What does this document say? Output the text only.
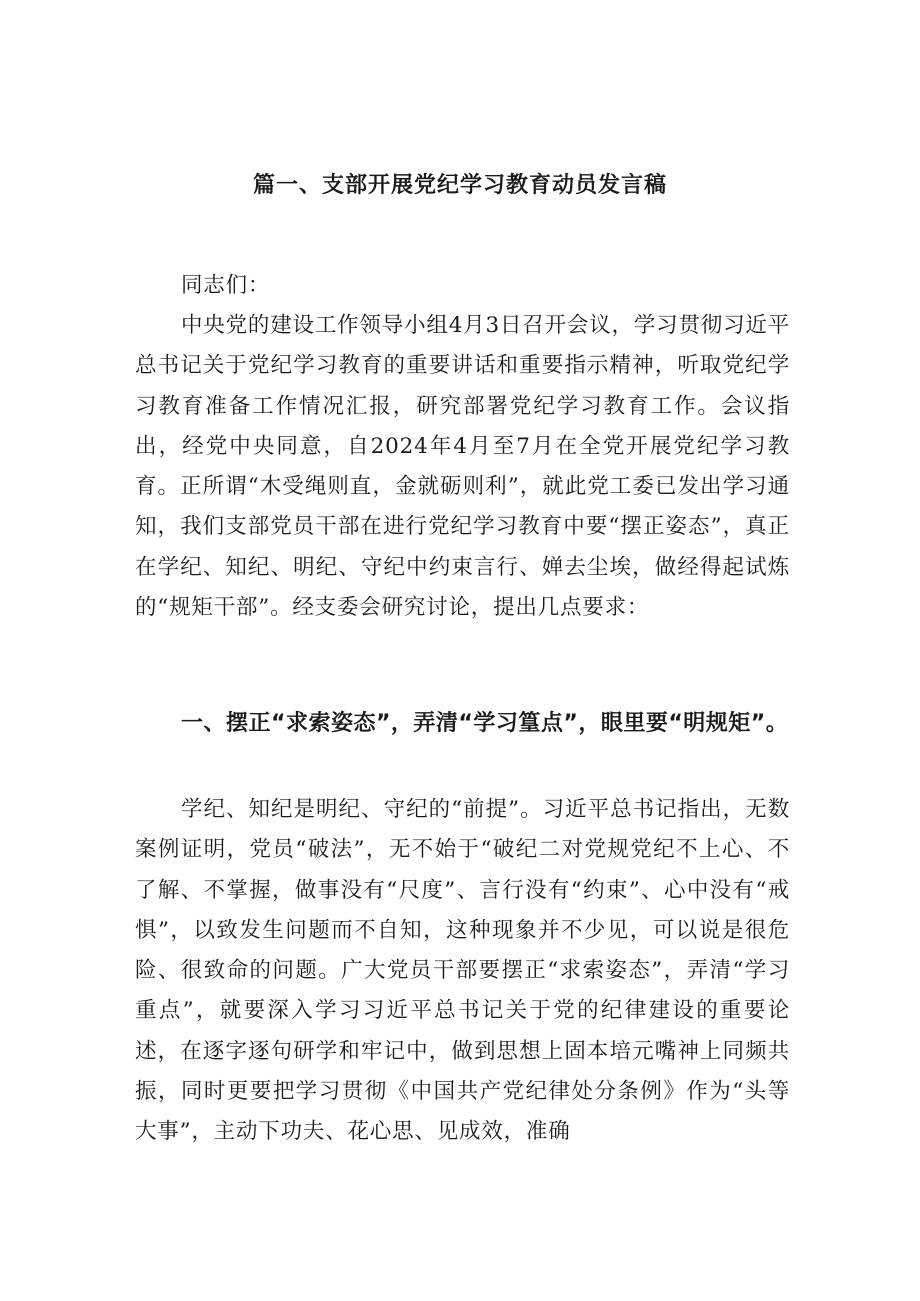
篇一、支部开展党纪学习教育动员发言稿

同志们：

中央党的建设工作领导小组4月3日召开会议，学习贯彻习近平总书记关于党纪学习教育的重要讲话和重要指示精神，听取党纪学习教育准备工作情况汇报，研究部署党纪学习教育工作。会议指出，经党中央同意，自2024年4月至7月在全党开展党纪学习教育。正所谓“木受绳则直，金就砺则利”，就此党工委已发出学习通知，我们支部党员干部在进行党纪学习教育中要“摆正姿态”，真正在学纪、知纪、明纪、守纪中约束言行、婵去尘埃，做经得起试炼的“规矩干部”。经支委会研究讨论，提出几点要求：

一、摆正“求索姿态”，弄清“学习篁点”，眼里要“明规矩”。

学纪、知纪是明纪、守纪的“前提”。习近平总书记指出，无数案例证明，党员“破法”，无不始于“破纪二对党规党纪不上心、不了解、不掌握，做事没有“尺度”、言行没有“约束”、心中没有“戒惧”，以致发生问题而不自知，这种现象并不少见，可以说是很危险、很致命的问题。广大党员干部要摆正“求索姿态”，弄清“学习重点”，就要深入学习习近平总书记关于党的纪律建设的重要论述，在逐字逐句研学和牢记中，做到思想上固本培元嘴神上同频共振，同时更要把学习贯彻《中国共产党纪律处分条例》作为“头等大事”，主动下功夫、花心思、见成效，准确
